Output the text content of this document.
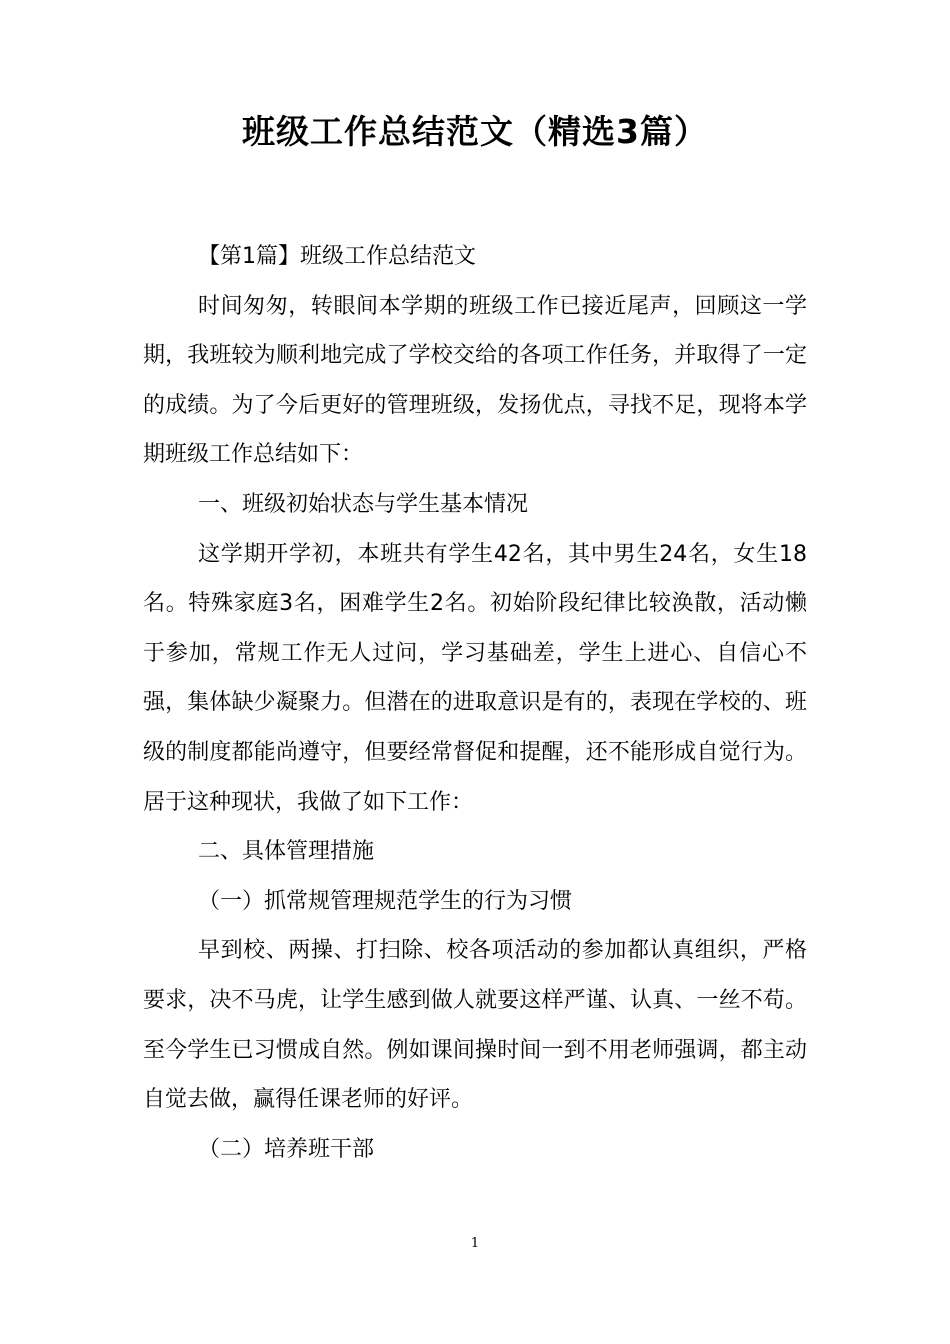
班级工作总结范文（精选3篇）

【第1篇】班级工作总结范文

时间匆匆，转眼间本学期的班级工作已接近尾声，回顾这一学期，我班较为顺利地完成了学校交给的各项工作任务，并取得了一定的成绩。为了今后更好的管理班级，发扬优点，寻找不足，现将本学期班级工作总结如下：

一、班级初始状态与学生基本情况

这学期开学初，本班共有学生42名，其中男生24名，女生18名。特殊家庭3名，困难学生2名。初始阶段纪律比较涣散，活动懒于参加，常规工作无人过问，学习基础差，学生上进心、自信心不强，集体缺少凝聚力。但潜在的进取意识是有的，表现在学校的、班级的制度都能尚遵守，但要经常督促和提醒，还不能形成自觉行为。居于这种现状，我做了如下工作：

二、具体管理措施

（一）抓常规管理规范学生的行为习惯

早到校、两操、打扫除、校各项活动的参加都认真组织，严格要求，决不马虎，让学生感到做人就要这样严谨、认真、一丝不苟。至今学生已习惯成自然。例如课间操时间一到不用老师强调，都主动自觉去做，赢得任课老师的好评。

（二）培养班干部

1
